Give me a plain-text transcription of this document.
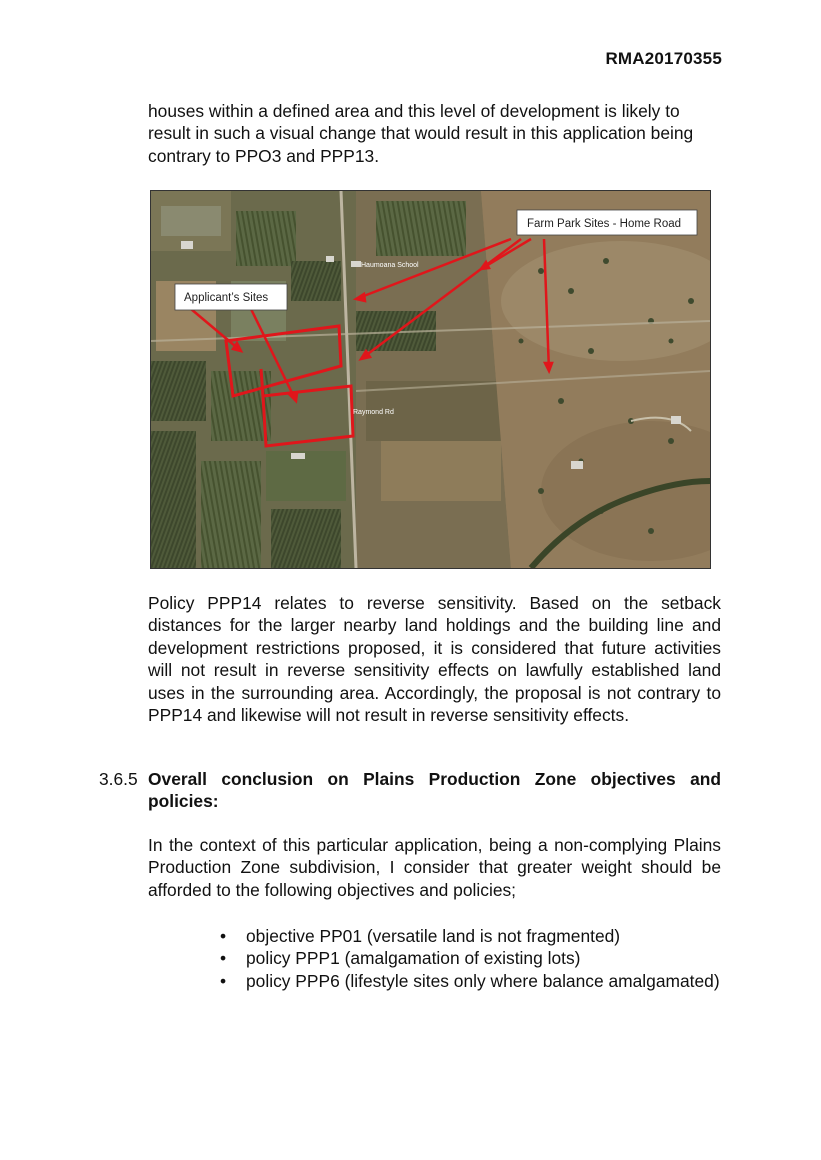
RMA20170355

houses within a defined area and this level of development is likely to result in such a visual change that would result in this application being contrary to PPO3 and PPP13.

Haumoana School
Raymond Rd
Farm Park Sites - Home Road
Applicant’s Sites

Policy PPP14 relates to reverse sensitivity. Based on the setback distances for the larger nearby land holdings and the building line and development restrictions proposed, it is considered that future activities will not result in reverse sensitivity effects on lawfully established land uses in the surrounding area. Accordingly, the proposal is not contrary to PPP14 and likewise will not result in reverse sensitivity effects.

3.6.5 Overall conclusion on Plains Production Zone objectives and policies:

In the context of this particular application, being a non-complying Plains Production Zone subdivision, I consider that greater weight should be afforded to the following objectives and policies;

• objective PP01 (versatile land is not fragmented)
• policy PPP1 (amalgamation of existing lots)
• policy PPP6 (lifestyle sites only where balance amalgamated)
